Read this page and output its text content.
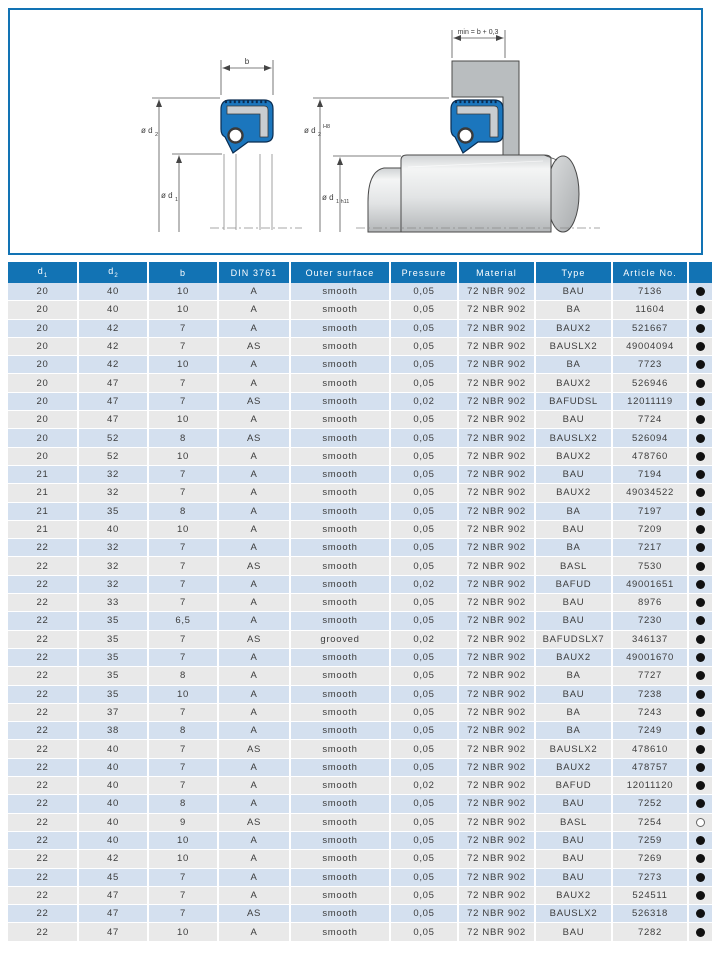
b
ø d 2
ø d 1
min = b + 0,3
ø d 2
H8
ø d 1 h11
$d_1$	$d_2$	b	DIN 3761	Outer surface	Pressure	Material	Type	Article No.	
20	40	10	A	smooth	0,05	72 NBR 902	BAU	7136	

20	40	10	A	smooth	0,05	72 NBR 902	BA	11604	

20	42	7	A	smooth	0,05	72 NBR 902	BAUX2	521667	

20	42	7	AS	smooth	0,05	72 NBR 902	BAUSLX2	49004094	

20	42	10	A	smooth	0,05	72 NBR 902	BA	7723	

20	47	7	A	smooth	0,05	72 NBR 902	BAUX2	526946	

20	47	7	AS	smooth	0,02	72 NBR 902	BAFUDSL	12011119	

20	47	10	A	smooth	0,05	72 NBR 902	BAU	7724	

20	52	8	AS	smooth	0,05	72 NBR 902	BAUSLX2	526094	

20	52	10	A	smooth	0,05	72 NBR 902	BAUX2	478760	

21	32	7	A	smooth	0,05	72 NBR 902	BAU	7194	

21	32	7	A	smooth	0,05	72 NBR 902	BAUX2	49034522	

21	35	8	A	smooth	0,05	72 NBR 902	BA	7197	

21	40	10	A	smooth	0,05	72 NBR 902	BAU	7209	

22	32	7	A	smooth	0,05	72 NBR 902	BA	7217	

22	32	7	AS	smooth	0,05	72 NBR 902	BASL	7530	

22	32	7	A	smooth	0,02	72 NBR 902	BAFUD	49001651	

22	33	7	A	smooth	0,05	72 NBR 902	BAU	8976	

22	35	6,5	A	smooth	0,05	72 NBR 902	BAU	7230	

22	35	7	AS	grooved	0,02	72 NBR 902	BAFUDSLX7	346137	

22	35	7	A	smooth	0,05	72 NBR 902	BAUX2	49001670	

22	35	8	A	smooth	0,05	72 NBR 902	BA	7727	

22	35	10	A	smooth	0,05	72 NBR 902	BAU	7238	

22	37	7	A	smooth	0,05	72 NBR 902	BA	7243	

22	38	8	A	smooth	0,05	72 NBR 902	BA	7249	

22	40	7	AS	smooth	0,05	72 NBR 902	BAUSLX2	478610	

22	40	7	A	smooth	0,05	72 NBR 902	BAUX2	478757	

22	40	7	A	smooth	0,02	72 NBR 902	BAFUD	12011120	

22	40	8	A	smooth	0,05	72 NBR 902	BAU	7252	

22	40	9	AS	smooth	0,05	72 NBR 902	BASL	7254	

22	40	10	A	smooth	0,05	72 NBR 902	BAU	7259	

22	42	10	A	smooth	0,05	72 NBR 902	BAU	7269	

22	45	7	A	smooth	0,05	72 NBR 902	BAU	7273	

22	47	7	A	smooth	0,05	72 NBR 902	BAUX2	524511	

22	47	7	AS	smooth	0,05	72 NBR 902	BAUSLX2	526318	

22	47	10	A	smooth	0,05	72 NBR 902	BAU	7282	
